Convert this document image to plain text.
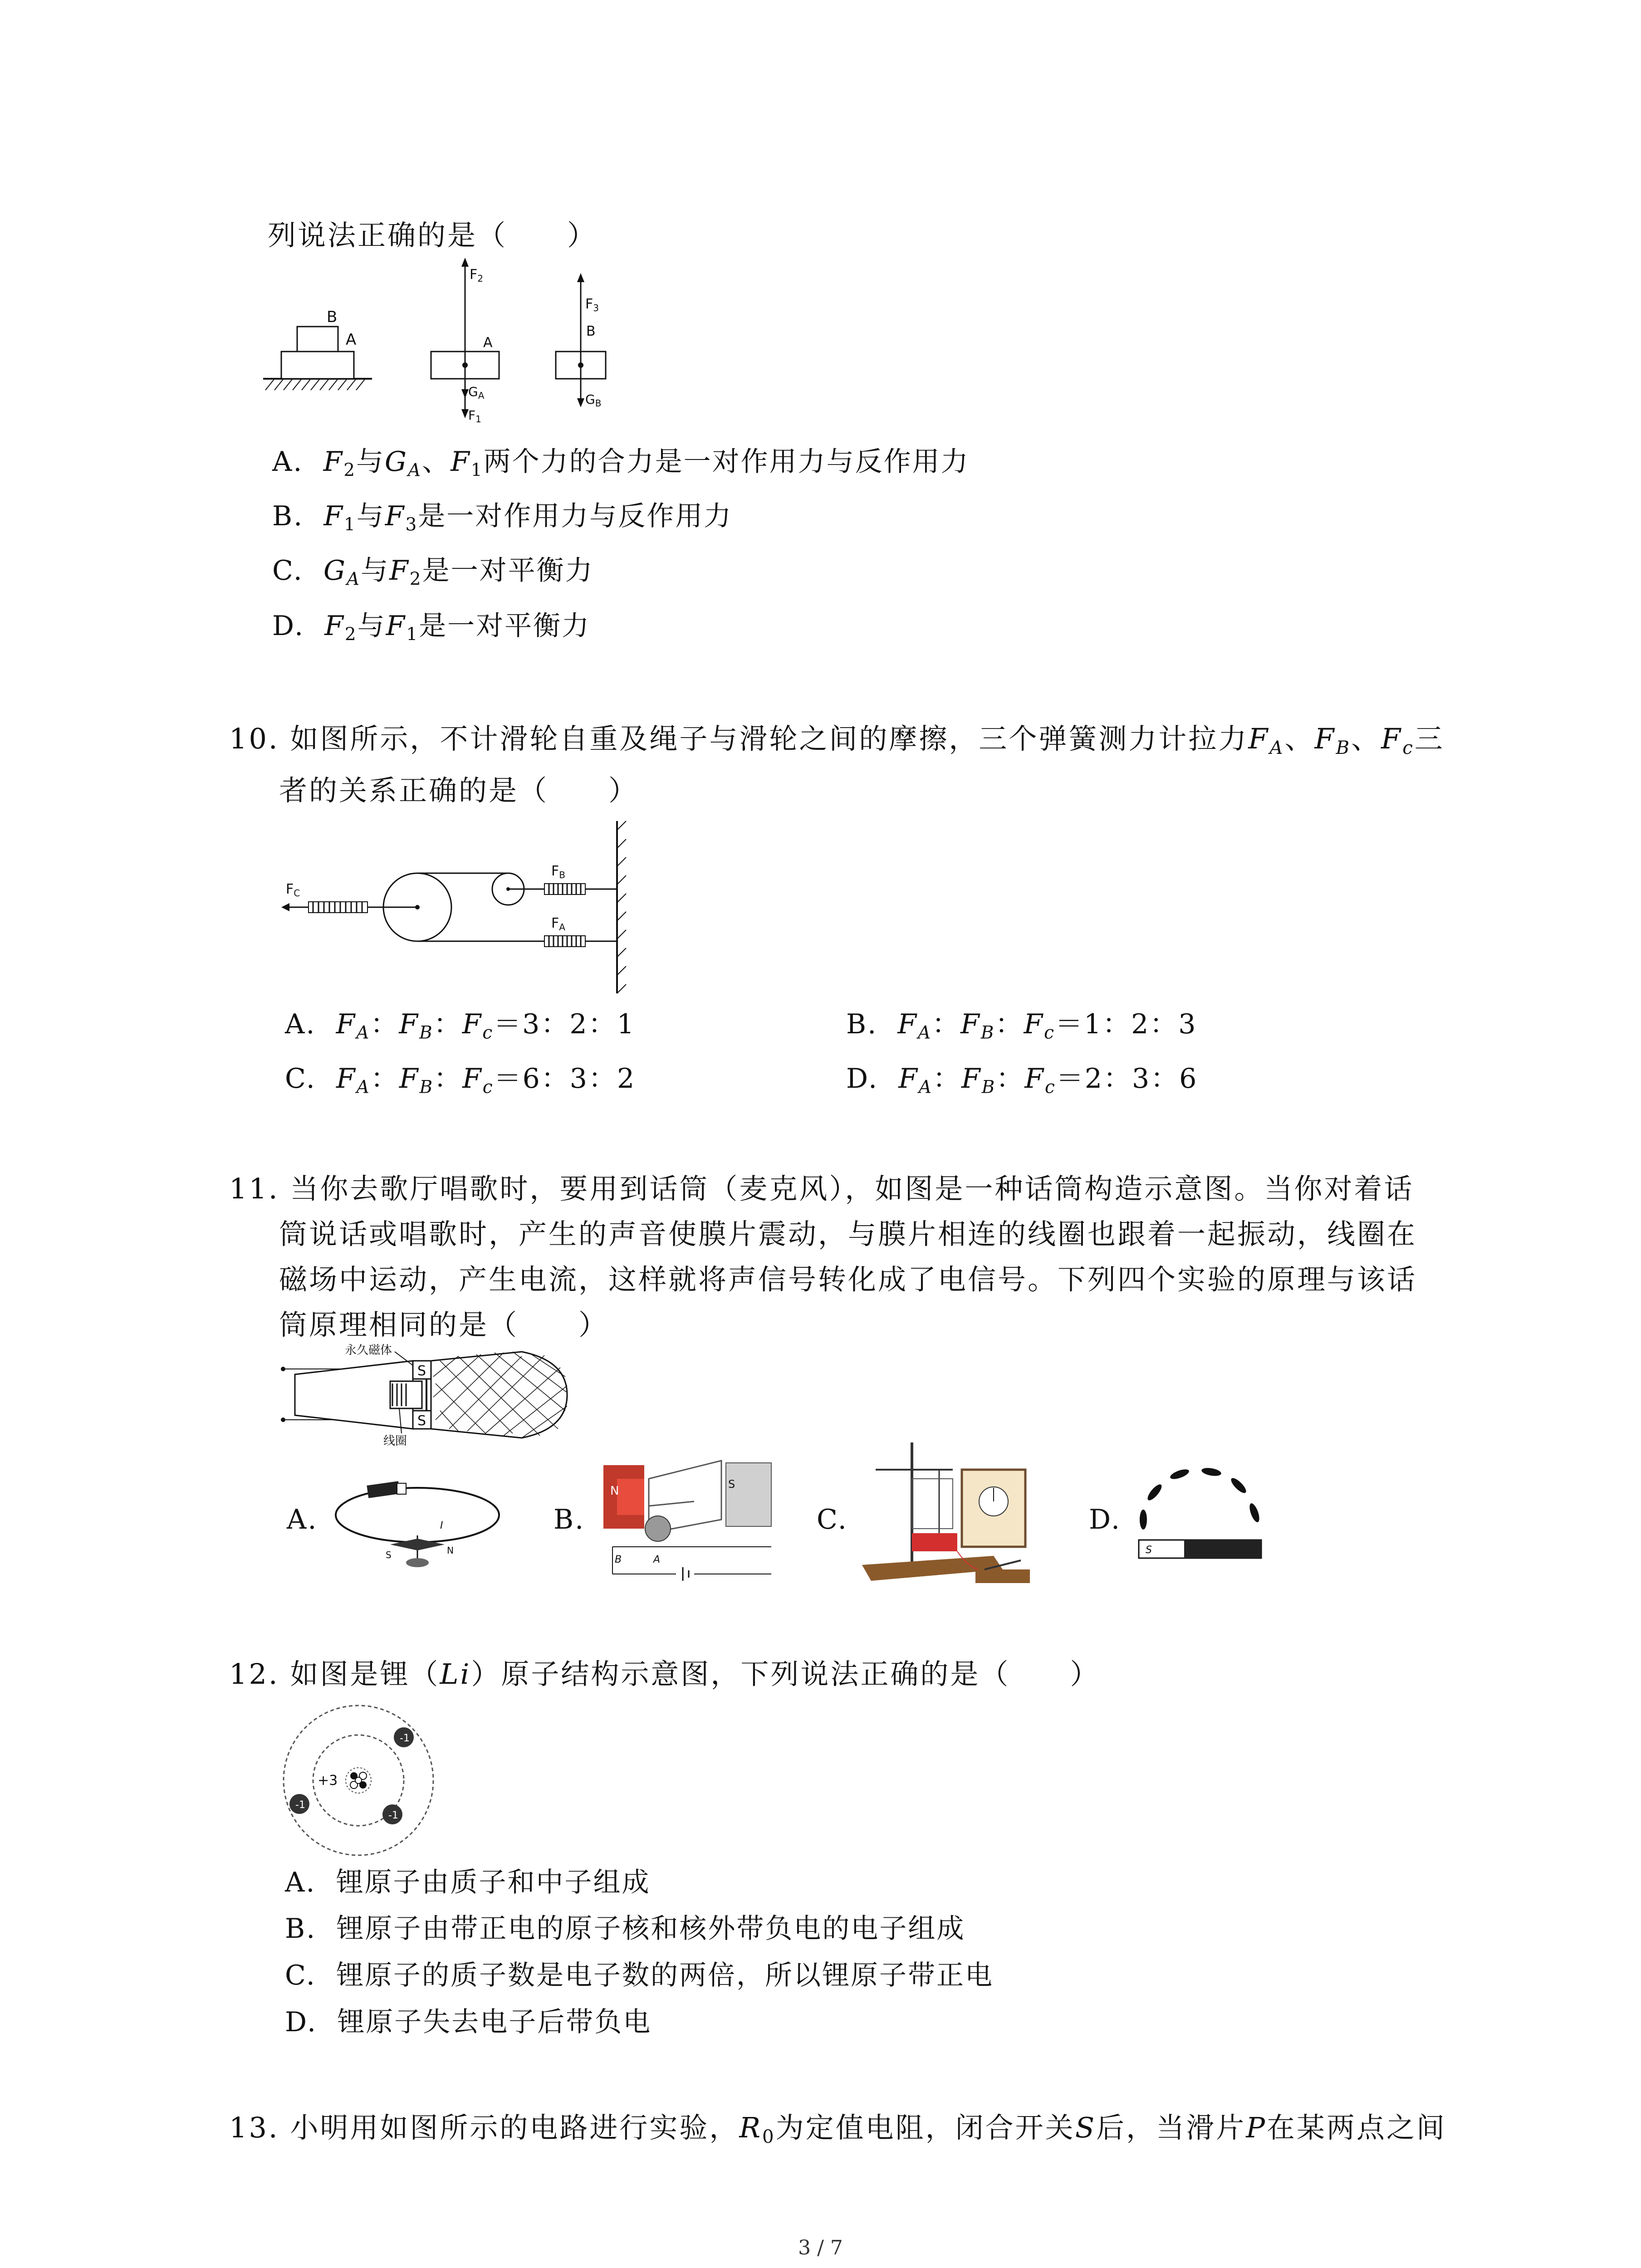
列说法正确的是（　　）
B
A
$F_2$
A
$G_A$
$F_1$
$F_3$
B
$G_B$
A. $F_2$与$G_A$、$F_1$两个力的合力是一对作用力与反作用力
B. $F_1$与$F_3$是一对作用力与反作用力
C. $G_A$与$F_2$是一对平衡力
D. $F_2$与$F_1$是一对平衡力
10. 如图所示，不计滑轮自重及绳子与滑轮之间的摩擦，三个弹簧测力计拉力$F_A$、$F_B$、$F_c$三
者的关系正确的是（　　）
$F_C$
$F_B$
$F_A$
A. $F_A$：$F_B$：$F_c=3$：2：1	B. $F_A$：$F_B$：$F_c=1$：2：3
C. $F_A$：$F_B$：$F_c=6$：3：2	D. $F_A$：$F_B$：$F_c=2$：3：6
11. 当你去歌厅唱歌时，要用到话筒（麦克风），如图是一种话筒构造示意图。当你对着话
筒说话或唱歌时，产生的声音使膜片震动，与膜片相连的线圈也跟着一起振动，线圈在
磁场中运动，产生电流，这样就将声信号转化成了电信号。下列四个实验的原理与该话
筒原理相同的是（　　）
S
S
永久磁体
线圈
A.	I
S	N
B.
N	S
B	A
C.	D.
S
12. 如图是锂（Li）原子结构示意图，下列说法正确的是（　　）
+3
-1
-1
-1
A. 锂原子由质子和中子组成
B. 锂原子由带正电的原子核和核外带负电的电子组成
C. 锂原子的质子数是电子数的两倍，所以锂原子带正电
D. 锂原子失去电子后带负电
13. 小明用如图所示的电路进行实验，$R_0$为定值电阻，闭合开关S后，当滑片P在某两点之间
3 / 7
